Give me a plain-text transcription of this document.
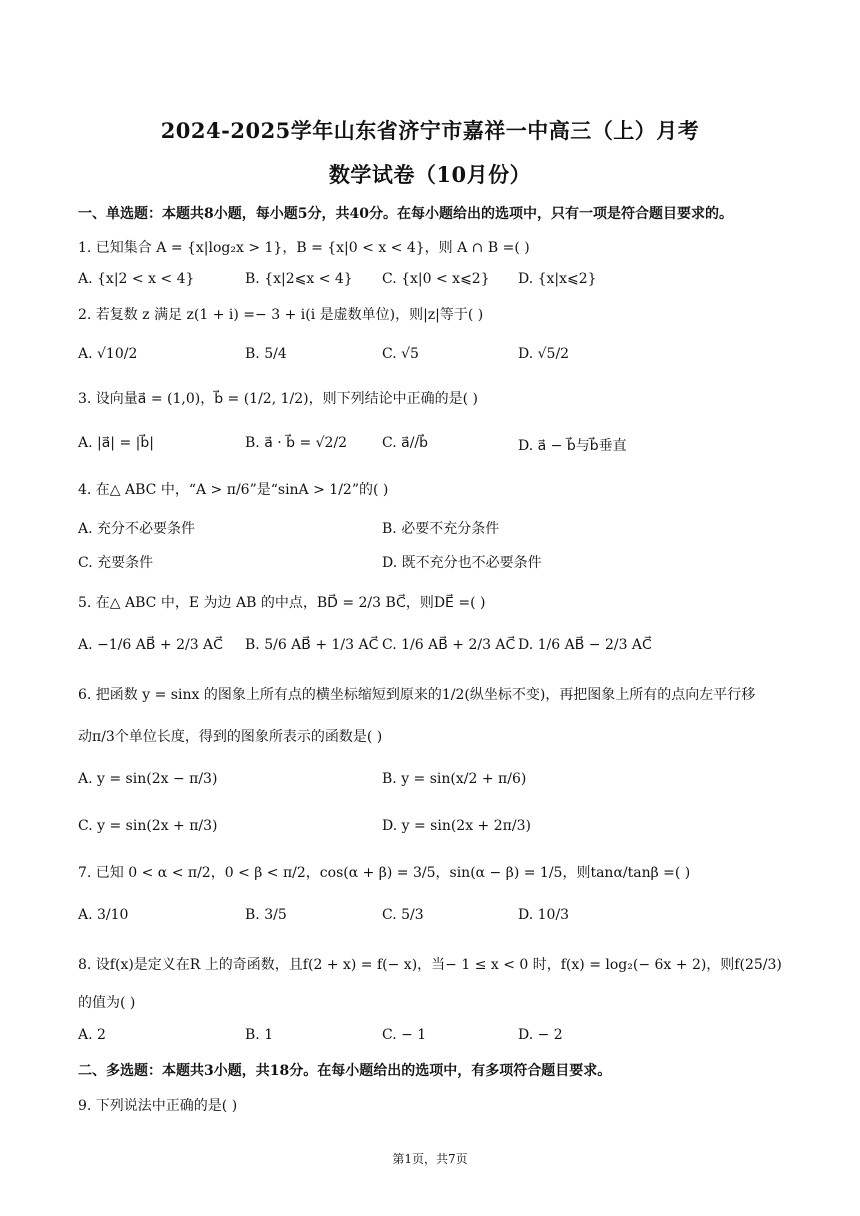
2024-2025学年山东省济宁市嘉祥一中高三（上）月考
数学试卷（10月份）
一、单选题：本题共8小题，每小题5分，共40分。在每小题给出的选项中，只有一项是符合题目要求的。
1. 已知集合 A = {x|log₂x > 1}，B = {x|0 < x < 4}，则 A ∩ B =( )
A. {x|2 < x < 4}	B. {x|2⩽x < 4} C. {x|0 < x⩽2} D. {x|x⩽2}
2. 若复数 z 满足 z(1 + i) =− 3 + i(i 是虚数单位)，则|z|等于( )
A. √10/2	B. 5/4	C. √5	D. √5/2
3. 设向量a⃗ = (1,0)，b⃗ = (1/2, 1/2)，则下列结论中正确的是( )
A. |a⃗| = |b⃗|	B. a⃗ · b⃗ = √2/2 C. a⃗//b⃗	D. a⃗ − b⃗与b⃗垂直
4. 在△ ABC 中，“A > π/6”是“sinA > 1/2”的( )
A. 充分不必要条件	B. 必要不充分条件
C. 充要条件	D. 既不充分也不必要条件
5. 在△ ABC 中，E 为边 AB 的中点，BD⃗ = 2/3 BC⃗，则DE⃗ =( )
A. −1/6 AB⃗ + 2/3 AC⃗ B. 5/6 AB⃗ + 1/3 AC⃗ C. 1/6 AB⃗ + 2/3 AC⃗ D. 1/6 AB⃗ − 2/3 AC⃗
6. 把函数 y = sinx 的图象上所有点的横坐标缩短到原来的1/2(纵坐标不变)，再把图象上所有的点向左平行移
动π/3个单位长度，得到的图象所表示的函数是( )
A. y = sin(2x − π/3)	B. y = sin(x/2 + π/6)
C. y = sin(2x + π/3)	D. y = sin(2x + 2π/3)
7. 已知 0 < α < π/2，0 < β < π/2，cos(α + β) = 3/5，sin(α − β) = 1/5，则tanα/tanβ =( )
A. 3/10	B. 3/5	C. 5/3	D. 10/3
8. 设f(x)是定义在R 上的奇函数，且f(2 + x) = f(− x)，当− 1 ≤ x < 0 时，f(x) = log₂(− 6x + 2)，则f(25/3)
的值为( )
A. 2	B. 1	C. − 1	D. − 2
二、多选题：本题共3小题，共18分。在每小题给出的选项中，有多项符合题目要求。
9. 下列说法中正确的是( )
第1页，共7页
